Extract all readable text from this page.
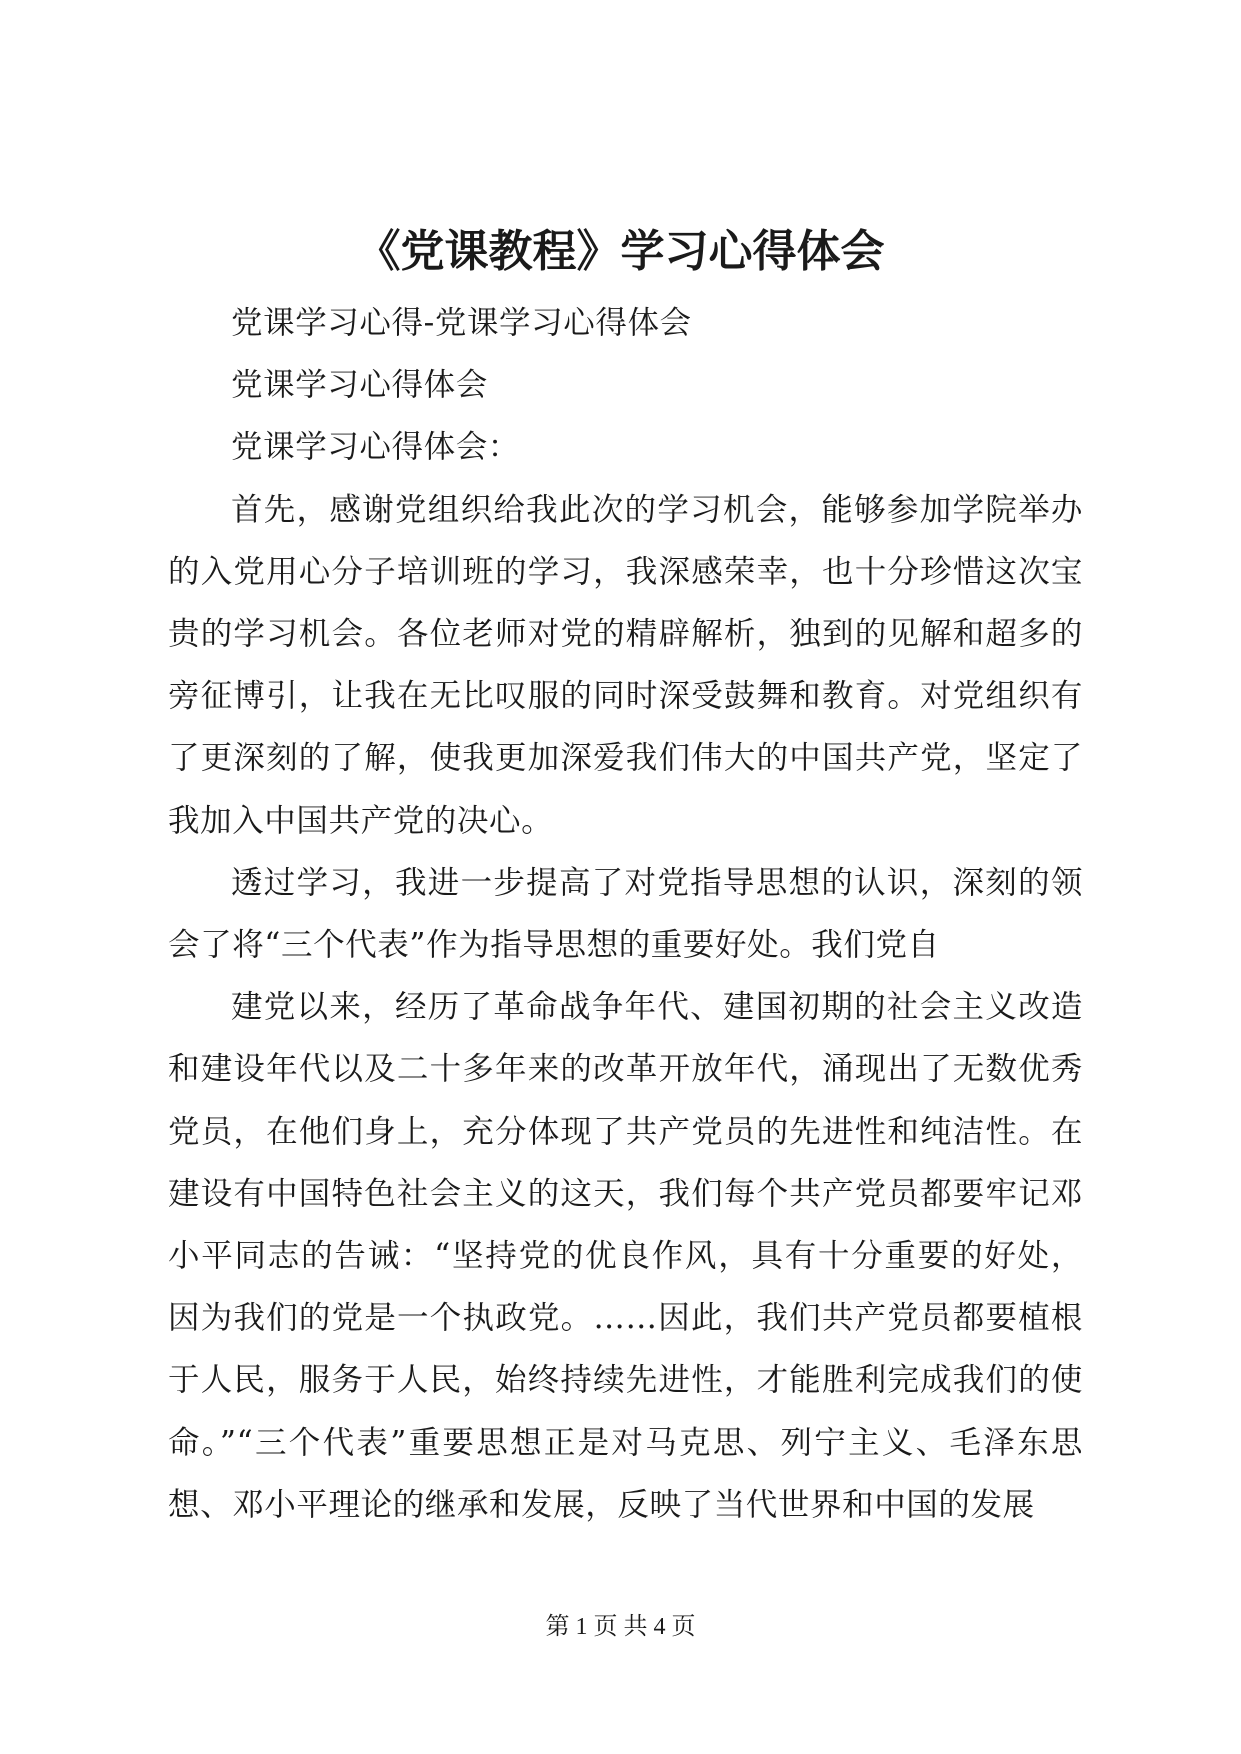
《党课教程》学习心得体会

党课学习心得-党课学习心得体会

党课学习心得体会

党课学习心得体会：

首先，感谢党组织给我此次的学习机会，能够参加学院举办的入党用心分子培训班的学习，我深感荣幸，也十分珍惜这次宝贵的学习机会。各位老师对党的精辟解析，独到的见解和超多的旁征博引，让我在无比叹服的同时深受鼓舞和教育。对党组织有了更深刻的了解，使我更加深爱我们伟大的中国共产党，坚定了我加入中国共产党的决心。

透过学习，我进一步提高了对党指导思想的认识，深刻的领会了将“三个代表”作为指导思想的重要好处。我们党自

建党以来，经历了革命战争年代、建国初期的社会主义改造和建设年代以及二十多年来的改革开放年代，涌现出了无数优秀党员，在他们身上，充分体现了共产党员的先进性和纯洁性。在建设有中国特色社会主义的这天，我们每个共产党员都要牢记邓小平同志的告诫：“坚持党的优良作风，具有十分重要的好处，因为我们的党是一个执政党。……因此，我们共产党员都要植根于人民，服务于人民，始终持续先进性，才能胜利完成我们的使命。”“三个代表”重要思想正是对马克思、列宁主义、毛泽东思想、邓小平理论的继承和发展，反映了当代世界和中国的发展

第 1 页 共 4 页
